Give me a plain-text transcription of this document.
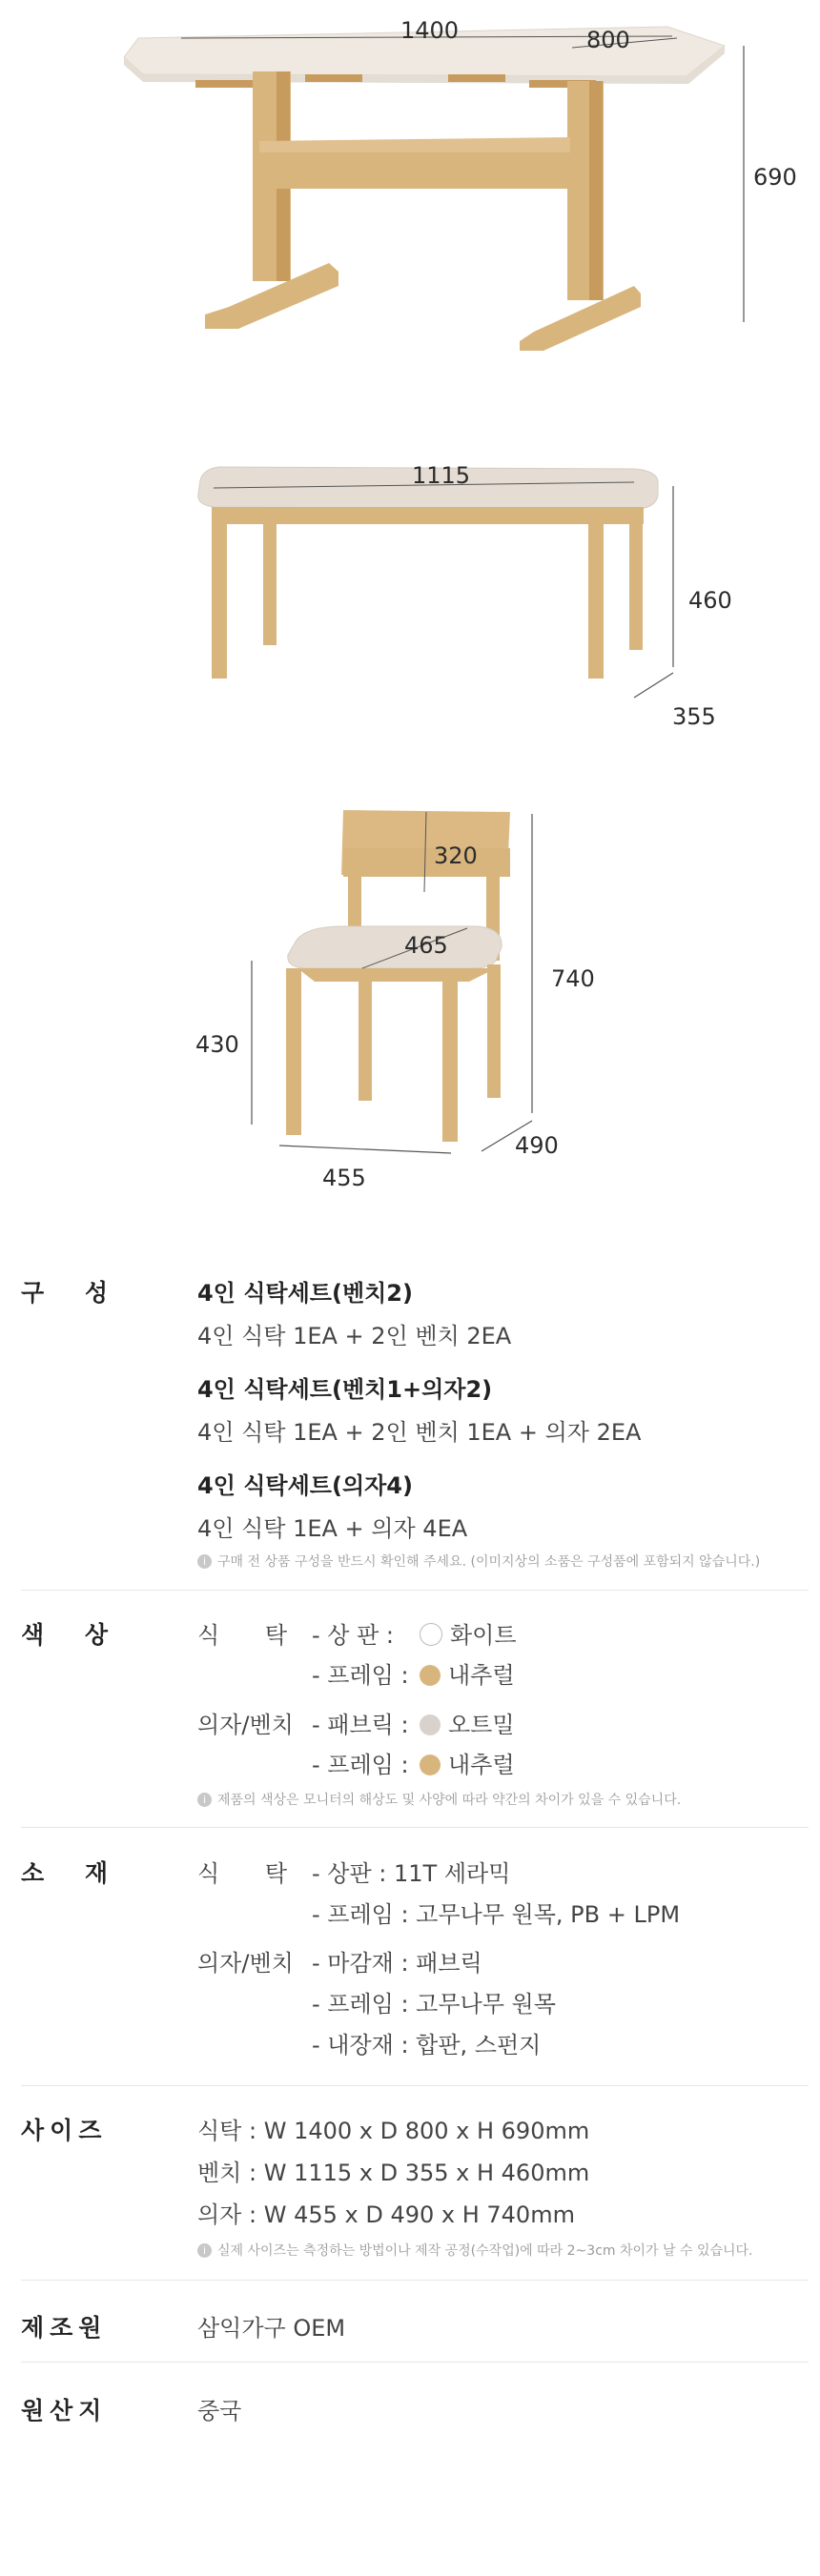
1400	800
690
1115
460
355
320
465
740
430
490
455
구 성	4인 식탁세트(벤치2)
4인 식탁 1EA + 2인 벤치 2EA
4인 식탁세트(벤치1+의자2)
4인 식탁 1EA + 2인 벤치 1EA + 의자 2EA
4인 식탁세트(의자4)
4인 식탁 1EA + 의자 4EA
i 구매 전 상품 구성을 반드시 확인해 주세요. (이미지상의 소품은 구성품에 포함되지 않습니다.)
색 상	식 탁 - 상 판 :	화이트
- 프레임 :	내추럴
의자/벤치 - 패브릭 :	오트밀
- 프레임 :	내추럴
i 제품의 색상은 모니터의 해상도 및 사양에 따라 약간의 차이가 있을 수 있습니다.
소 재	식 탁 - 상판 : 11T 세라믹
- 프레임 : 고무나무 원목, PB + LPM
의자/벤치 - 마감재 : 패브릭
- 프레임 : 고무나무 원목
- 내장재 : 합판, 스펀지
사이즈	식탁 : W 1400 x D 800 x H 690mm
벤치 : W 1115 x D 355 x H 460mm
의자 : W 455 x D 490 x H 740mm
i 실제 사이즈는 측정하는 방법이나 제작 공정(수작업)에 따라 2~3cm 차이가 날 수 있습니다.
제조원	삼익가구 OEM
원산지	중국
